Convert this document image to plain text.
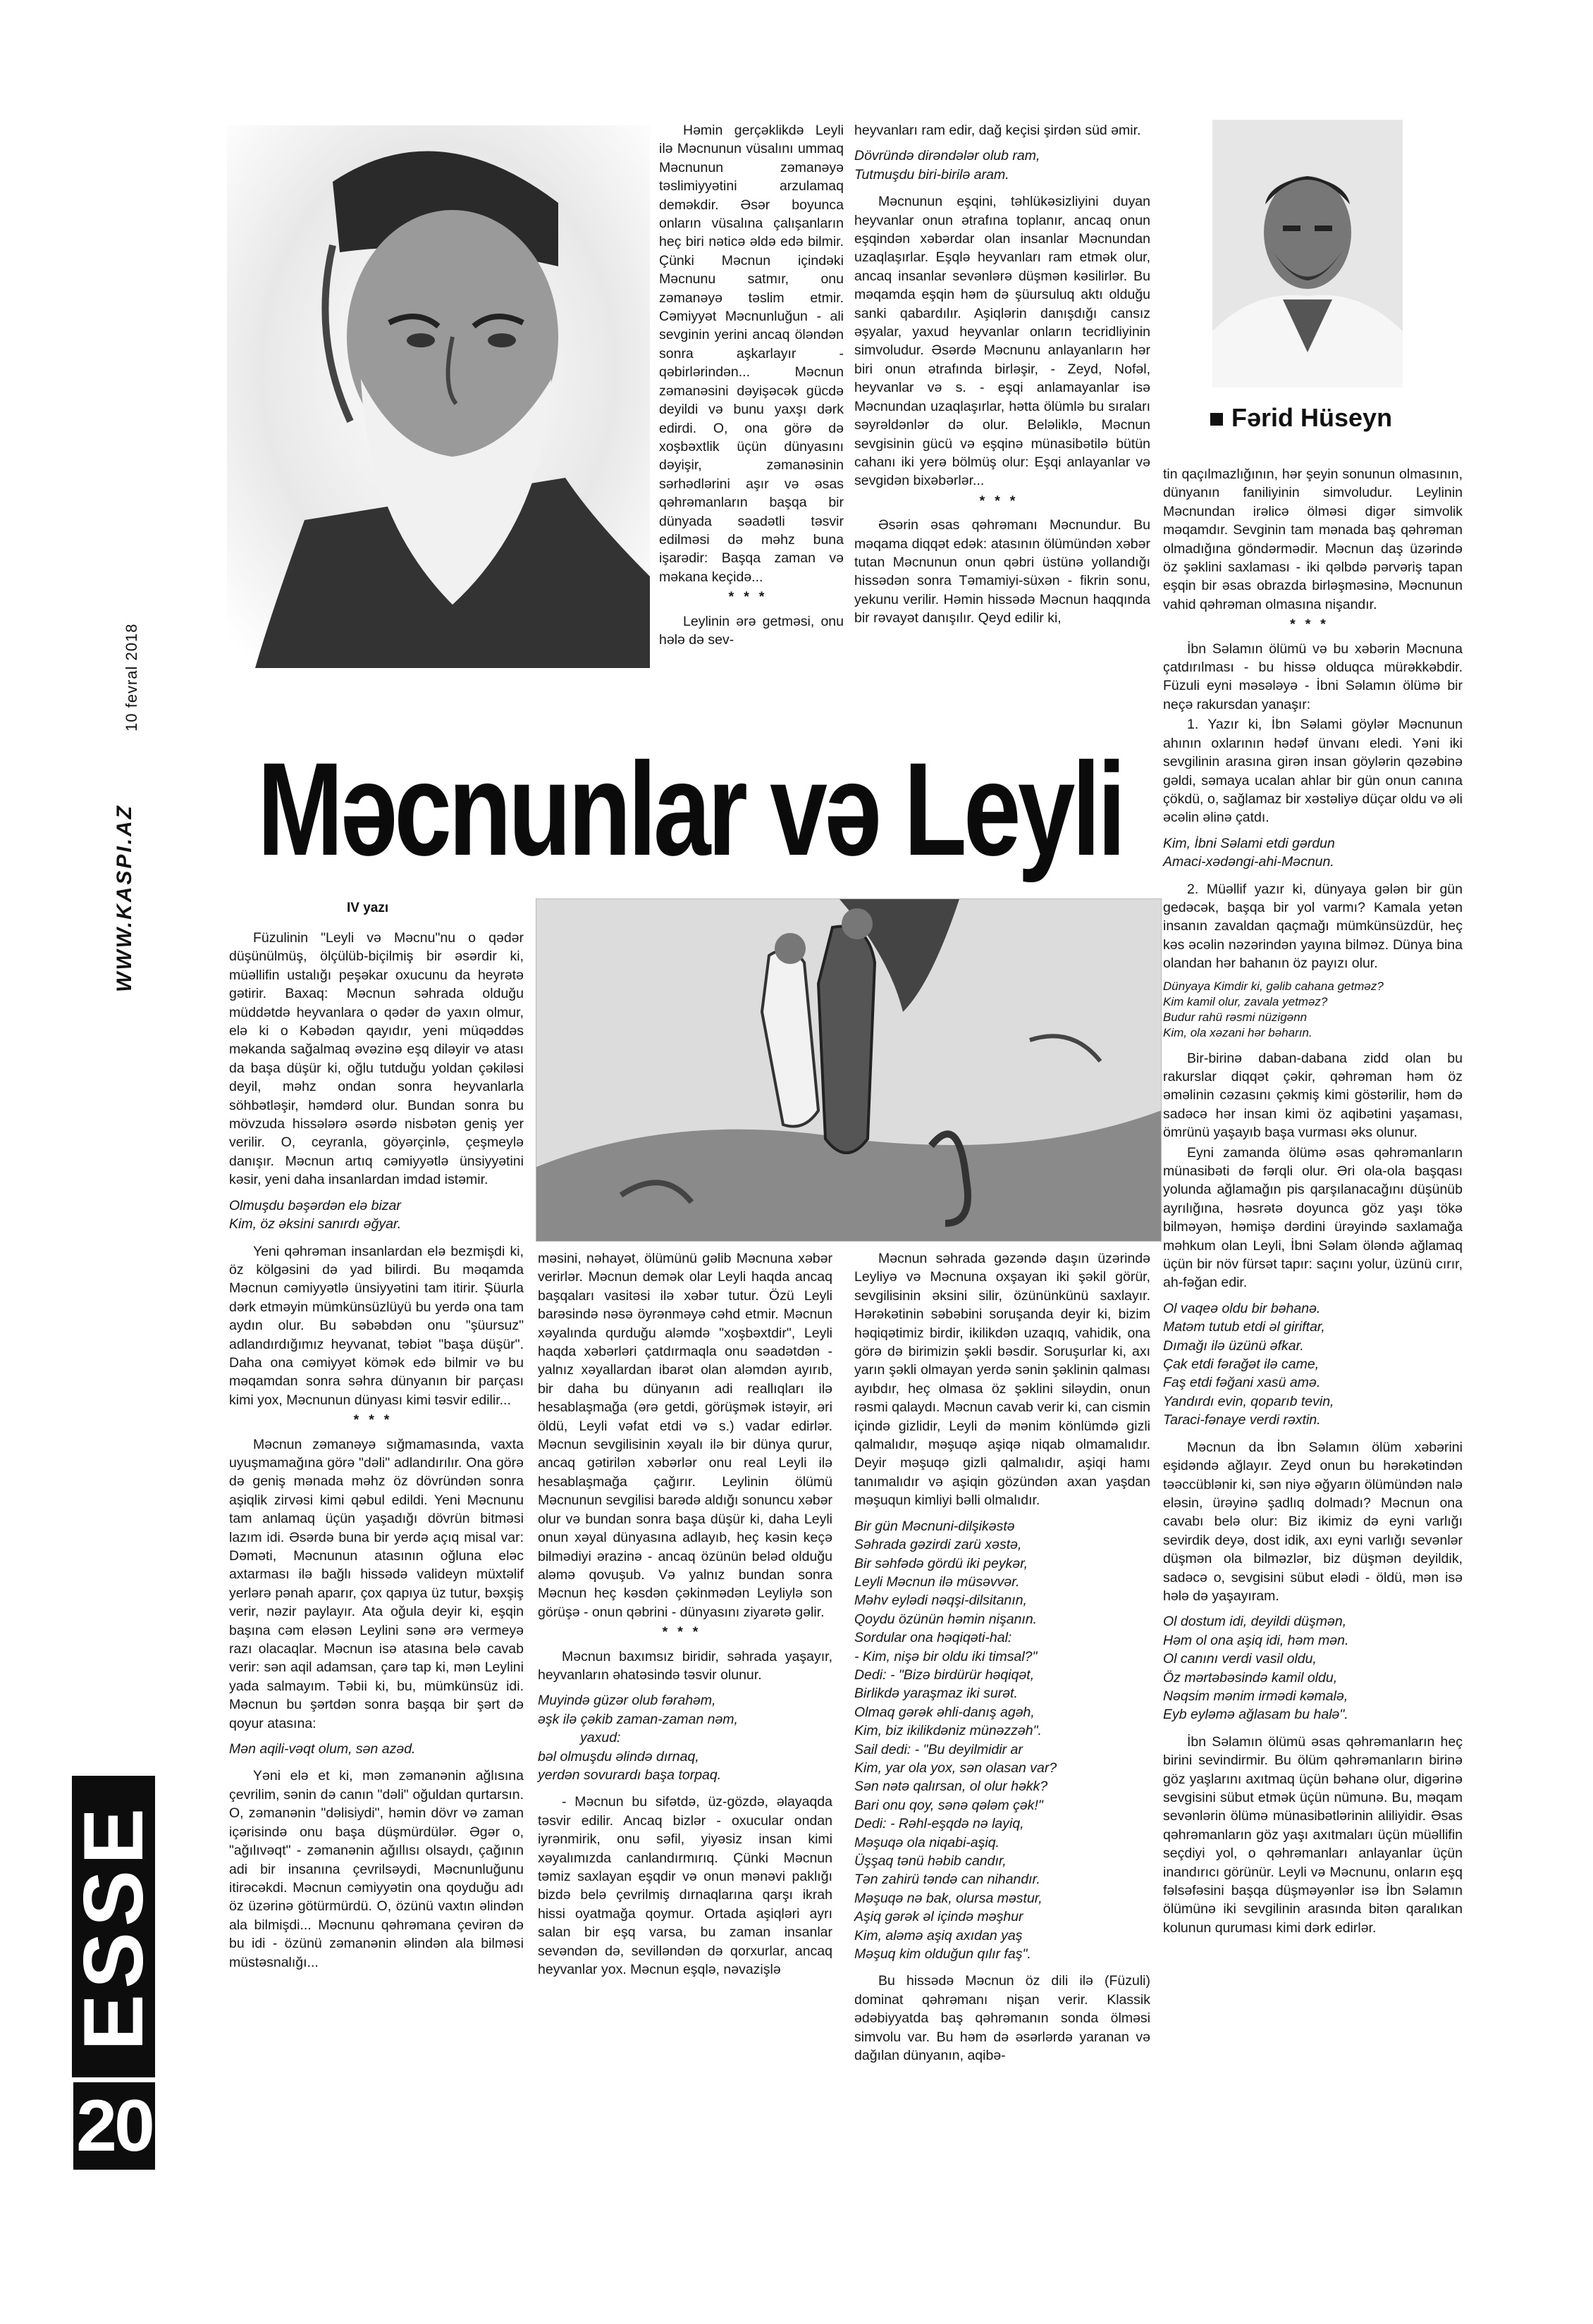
WWW.KASPI.AZ
10 fevral 2018
ESSE
20
Fərid Hüseyn
Məcnunlar və Leyli
IV yazı

Həmin gerçəklikdə Leyli ilə Məcnunun vüsalını ummaq Məcnunun zəmanəyə təslimiyyətini arzulamaq deməkdir. Əsər boyunca onların vüsalına çalışanların heç biri nəticə əldə edə bilmir. Çünki Məcnun içindəki Məcnunu satmır, onu zəmanəyə təslim etmir. Cəmiyyət Məcnunluğun - ali sevginin yerini ancaq öləndən sonra aşkarlayır - qəbirlərindən... Məcnun zəmanəsini dəyişəcək gücdə deyildi və bunu yaxşı dərk edirdi. O, ona görə də xoşbəxtlik üçün dünyasını dəyişir, zəmanəsinin sərhədlərini aşır və əsas qəhrəmanların başqa bir dünyada səadətli təsvir edilməsi də məhz buna işarədir: Başqa zaman və məkana keçidə...

***

Leylinin ərə getməsi, onu hələ də sev-

heyvanları ram edir, dağ keçisi şirdən süd əmir.

Dövründə dirəndələr olub ram,
Tutmuşdu biri-birilə aram.

Məcnunun eşqini, təhlükəsizliyini duyan heyvanlar onun ətrafına toplanır, ancaq onun eşqindən xəbərdar olan insanlar Məcnundan uzaqlaşırlar. Eşqlə heyvanları ram etmək olur, ancaq insanlar sevənlərə düşmən kəsilirlər. Bu məqamda eşqin həm də şüursuluq aktı olduğu sanki qabardılır. Aşiqlərin danışdığı cansız əşyalar, yaxud heyvanlar onların tecridliyinin simvoludur. Əsərdə Məcnunu anlayanların hər biri onun ətrafında birləşir, - Zeyd, Nofəl, heyvanlar və s. - eşqi anlamayanlar isə Məcnundan uzaqlaşırlar, hətta ölümlə bu sıraları səyrəldənlər də olur. Beləliklə, Məcnun sevgisinin gücü və eşqinə münasibətilə bütün cahanı iki yerə bölmüş olur: Eşqi anlayanlar və sevgidən bixəbərlər...

***

Əsərin əsas qəhrəmanı Məcnundur. Bu məqama diqqət edək: atasının ölümündən xəbər tutan Məcnunun onun qəbri üstünə yollandığı hissədən sonra Təmamiyi-süxən - fikrin sonu, yekunu verilir. Həmin hissədə Məcnun haqqında bir rəvayət danışılır. Qeyd edilir ki,

tin qaçılmazlığının, hər şeyin sonunun olmasının, dünyanın faniliyinin simvoludur. Leylinin Məcnundan irəlicə ölməsi digər simvolik məqamdır. Sevginin tam mənada baş qəhrəman olmadığına göndərmədir. Məcnun daş üzərində öz şəklini saxlaması - iki qəlbdə pərvəriş tapan eşqin bir əsas obrazda birləşməsinə, Məcnunun vahid qəhrəman olmasına nişandır.

***

İbn Səlamın ölümü və bu xəbərin Məcnuna çatdırılması - bu hissə olduqca mürəkkəbdir. Füzuli eyni məsələyə - İbni Səlamın ölümə bir neçə rakursdan yanaşır:

1. Yazır ki, İbn Səlami göylər Məcnunun ahının oxlarının hədəf ünvanı eledi. Yəni iki sevgilinin arasına girən insan göylərin qəzəbinə gəldi, səmaya ucalan ahlar bir gün onun canına çökdü, o, sağlamaz bir xəstəliyə düçar oldu və əli əcəlin əlinə çatdı.

Kim, İbni Səlami etdi gərdun
Amaci-xədəngi-ahi-Məcnun.

2. Müəllif yazır ki, dünyaya gələn bir gün gedəcək, başqa bir yol varmı? Kamala yetən insanın zavaldan qaçmağı mümkünsüzdür, heç kəs əcəlin nəzərindən yayına bilməz. Dünya bina olandan hər bahanın öz payızı olur.

Dünyaya Kimdir ki, gəlib cahana getməz?
Kim kamil olur, zavala yetməz?
Budur rahü rəsmi nüzigənn
Kim, ola xəzani hər bəharın.

Bir-birinə daban-dabana zidd olan bu rakurslar diqqət çəkir, qəhrəman həm öz əməlinin cəzasını çəkmiş kimi göstərilir, həm də sadəcə hər insan kimi öz aqibətini yaşaması, ömrünü yaşayıb başa vurması əks olunur.

Eyni zamanda ölümə əsas qəhrəmanların münasibəti də fərqli olur. Əri ola-ola başqası yolunda ağlamağın pis qarşılanacağını düşünüb ayrılığına, həsrətə doyunca göz yaşı tökə bilməyən, həmişə dərdini ürəyində saxlamağa məhkum olan Leyli, İbni Səlam öləndə ağlamaq üçün bir növ fürsət tapır: saçını yolur, üzünü cırır, ah-fəğan edir.

Ol vaqeə oldu bir bəhanə.
Matəm tutub etdi əl giriftar,
Dımağı ilə üzünü əfkar.
Çak etdi fərağət ilə came,
Faş etdi fəğani xasü amə.
Yandırdı evin, qoparıb tevin,
Taraci-fənaye verdi rəxtin.

Məcnun da İbn Səlamın ölüm xəbərini eşidəndə ağlayır. Zeyd onun bu hərəkətindən təəccüblənir ki, sən niyə əğyarın ölümündən nalə eləsin, ürəyinə şadlıq dolmadı? Məcnun ona cavabı belə olur: Biz ikimiz də eyni varlığı sevirdik deyə, dost idik, axı eyni varlığı sevənlər düşmən ola bilməzlər, biz düşmən deyildik, sadəcə o, sevgisini sübut elədi - öldü, mən isə hələ də yaşayıram.

Ol dostum idi, deyildi düşmən,
Həm ol ona aşiq idi, həm mən.
Ol canını verdi vasil oldu,
Öz mərtəbəsində kamil oldu,
Nəqsim mənim irmədi kəmalə,
Eyb eyləmə ağlasam bu halə".

İbn Səlamın ölümü əsas qəhrəmanların heç birini sevindirmir. Bu ölüm qəhrəmanların birinə göz yaşlarını axıtmaq üçün bəhanə olur, digərinə sevgisini sübut etmək üçün nümunə. Bu, məqam sevənlərin ölümə münasibətlərinin aliliyidir. Əsas qəhrəmanların göz yaşı axıtmaları üçün müəllifin seçdiyi yol, o qəhrəmanları anlayanlar üçün inandırıcı görünür. Leyli və Məcnunu, onların eşq fəlsəfəsini başqa düşməyənlər isə İbn Səlamın ölümünə iki sevgilinin arasında bitən qaralıkan kolunun quruması kimi dərk edirlər.

Füzulinin "Leyli və Məcnu"nu o qədər düşünülmüş, ölçülüb-biçilmiş bir əsərdir ki, müəllifin ustalığı peşəkar oxucunu da heyrətə gətirir. Baxaq: Məcnun səhrada olduğu müddətdə heyvanlara o qədər də yaxın olmur, elə ki o Kəbədən qayıdır, yeni müqəddəs məkanda sağalmaq əvəzinə eşq diləyir və atası da başa düşür ki, oğlu tutduğu yoldan çəkiləsi deyil, məhz ondan sonra heyvanlarla söhbətləşir, həmdərd olur. Bundan sonra bu mövzuda hissələrə əsərdə nisbətən geniş yer verilir. O, ceyranla, göyərçinlə, çeşmeylə danışır. Məcnun artıq cəmiyyətlə ünsiyyətini kəsir, yeni daha insanlardan imdad istəmir.

Olmuşdu bəşərdən elə bizar
Kim, öz əksini sanırdı əğyar.

Yeni qəhrəman insanlardan elə bezmişdi ki, öz kölgəsini də yad bilirdi. Bu məqamda Məcnun cəmiyyətlə ünsiyyətini tam itirir. Şüurla dərk etməyin mümkünsüzlüyü bu yerdə ona tam aydın olur. Bu səbəbdən onu "şüursuz" adlandırdığımız heyvanat, təbiət "başa düşür". Daha ona cəmiyyət kömək edə bilmir və bu məqamdan sonra səhra dünyanın bir parçası kimi yox, Məcnunun dünyası kimi təsvir edilir...

***

Məcnun zəmanəyə sığmamasında, vaxta uyuşmamağına görə "dəli" adlandırılır. Ona görə də geniş mənada məhz öz dövründən sonra aşiqlik zirvəsi kimi qəbul edildi. Yeni Məcnunu tam anlamaq üçün yaşadığı dövrün bitməsi lazım idi. Əsərdə buna bir yerdə açıq misal var: Dəməti, Məcnunun atasının oğluna eləc axtarması ilə bağlı hissədə valideyn müxtəlif yerlərə pənah aparır, çox qapıya üz tutur, bəxşiş verir, nəzir paylayır. Ata oğula deyir ki, eşqin başına cəm eləsən Leylini sənə ərə vermeyə razı olacaqlar. Məcnun isə atasına belə cavab verir: sən aqil adamsan, çarə tap ki, mən Leylini yada salmayım. Təbii ki, bu, mümkünsüz idi. Məcnun bu şərtdən sonra başqa bir şərt də qoyur atasına:

Mən aqili-vəqt olum, sən azəd.

Yəni elə et ki, mən zəmanənin ağlısına çevrilim, sənin də canın "dəli" oğuldan qurtarsın. O, zəmanənin "dəlisiydi", həmin dövr və zaman içərisində onu başa düşmürdülər. Əgər o, "ağılıvəqt" - zəmanənin ağıllısı olsaydı, çağının adi bir insanına çevrilsəydi, Məcnunluğunu itirəcəkdi. Məcnun cəmiyyətin ona qoyduğu adı öz üzərinə götürmürdü. O, özünü vaxtın əlindən ala bilmişdi... Məcnunu qəhrəmana çevirən də bu idi - özünü zəmanənin əlindən ala bilməsi müstəsnalığı...

məsini, nəhayət, ölümünü gəlib Məcnuna xəbər verirlər. Məcnun demək olar Leyli haqda ancaq başqaları vasitəsi ilə xəbər tutur. Özü Leyli barəsində nəsə öyrənməyə cəhd etmir. Məcnun xəyalında qurduğu aləmdə "xoşbəxtdir", Leyli haqda xəbərləri çatdırmaqla onu səadətdən - yalnız xəyallardan ibarət olan aləmdən ayırıb, bir daha bu dünyanın adi reallıqları ilə hesablaşmağa (ərə getdi, görüşmək istəyir, əri öldü, Leyli vəfat etdi və s.) vadar edirlər. Məcnun sevgilisinin xəyalı ilə bir dünya qurur, ancaq gətirilən xəbərlər onu real Leyli ilə hesablaşmağa çağırır. Leylinin ölümü Məcnunun sevgilisi barədə aldığı sonuncu xəbər olur və bundan sonra başa düşür ki, daha Leyli onun xəyal dünyasına adlayıb, heç kəsin keçə bilmədiyi ərazinə - ancaq özünün beləd olduğu aləmə qovuşub. Və yalnız bundan sonra Məcnun heç kəsdən çəkinmədən Leyliylə son görüşə - onun qəbrini - dünyasını ziyarətə gəlir.

***

Məcnun baxımsız biridir, səhrada yaşayır, heyvanların əhatəsində təsvir olunur.

Muyində güzər olub fərahəm,
əşk ilə çəkib zaman-zaman nəm,
yaxud:
bəl olmuşdu əlində dırnaq,
yerdən sovurardı başa torpaq.

- Məcnun bu sifətdə, üz-gözdə, əlayaqda təsvir edilir. Ancaq bizlər - oxucular ondan iyrənmirik, onu səfil, yiyəsiz insan kimi xəyalımızda canlandırmırıq. Çünki Məcnun təmiz saxlayan eşqdir və onun mənəvi paklığı bizdə belə çevrilmiş dırnaqlarına qarşı ikrah hissi oyatmağa qoymur. Ortada aşiqləri ayrı salan bir eşq varsa, bu zaman insanlar sevəndən də, sevilləndən də qorxurlar, ancaq heyvanlar yox. Məcnun eşqlə, nəvazişlə

Məcnun səhrada gəzəndə daşın üzərində Leyliyə və Məcnuna oxşayan iki şəkil görür, sevgilisinin əksini silir, özününkünü saxlayır. Hərəkətinin səbəbini soruşanda deyir ki, bizim həqiqətimiz birdir, ikilikdən uzaqıq, vahidik, ona görə də birimizin şəkli bəsdir. Soruşurlar ki, axı yarın şəkli olmayan yerdə sənin şəklinin qalması ayıbdır, heç olmasa öz şəklini siləydin, onun rəsmi qalaydı. Məcnun cavab verir ki, can cismin içində gizlidir, Leyli də mənim könlümdə gizli qalmalıdır, məşuqə aşiqə niqab olmamalıdır. Deyir məşuqə gizli qalmalıdır, aşiqi hamı tanımalıdır və aşiqin gözündən axan yaşdan məşuqun kimliyi bəlli olmalıdır.

Bir gün Məcnuni-dilşikəstə
Səhrada gəzirdi zarü xəstə,
Bir səhfədə gördü iki peykər,
Leyli Məcnun ilə müsəvvər.
Məhv eylədi nəqşi-dilsitanın,
Qoydu özünün həmin nişanın.
Sordular ona həqiqəti-hal:
- Kim, nişə bir oldu iki timsal?"
Dedi: - "Bizə birdürür həqiqət,
Birlikdə yaraşmaz iki surət.
Olmaq gərək əhli-danış agəh,
Kim, biz ikilikdəniz münəzzəh".
Sail dedi: - "Bu deyilmidir ar
Kim, yar ola yox, sən olasan var?
Sən nətə qalırsan, ol olur həkk?
Bari onu qoy, sənə qələm çək!"
Dedi: - Rəhl-eşqdə nə layiq,
Məşuqə ola niqabi-aşiq.
Üşşaq tənü həbib candır,
Tən zahirü təndə can nihandır.
Məşuqə nə bak, olursa məstur,
Aşiq gərək əl içində məşhur
Kim, aləmə aşiq axıdan yaş
Məşuq kim olduğun qılır faş".

Bu hissədə Məcnun öz dili ilə (Füzuli) dominat qəhrəmanı nişan verir. Klassik ədəbiyyatda baş qəhrəmanın sonda ölməsi simvolu var. Bu həm də əsərlərdə yaranan və dağılan dünyanın, aqibə-
